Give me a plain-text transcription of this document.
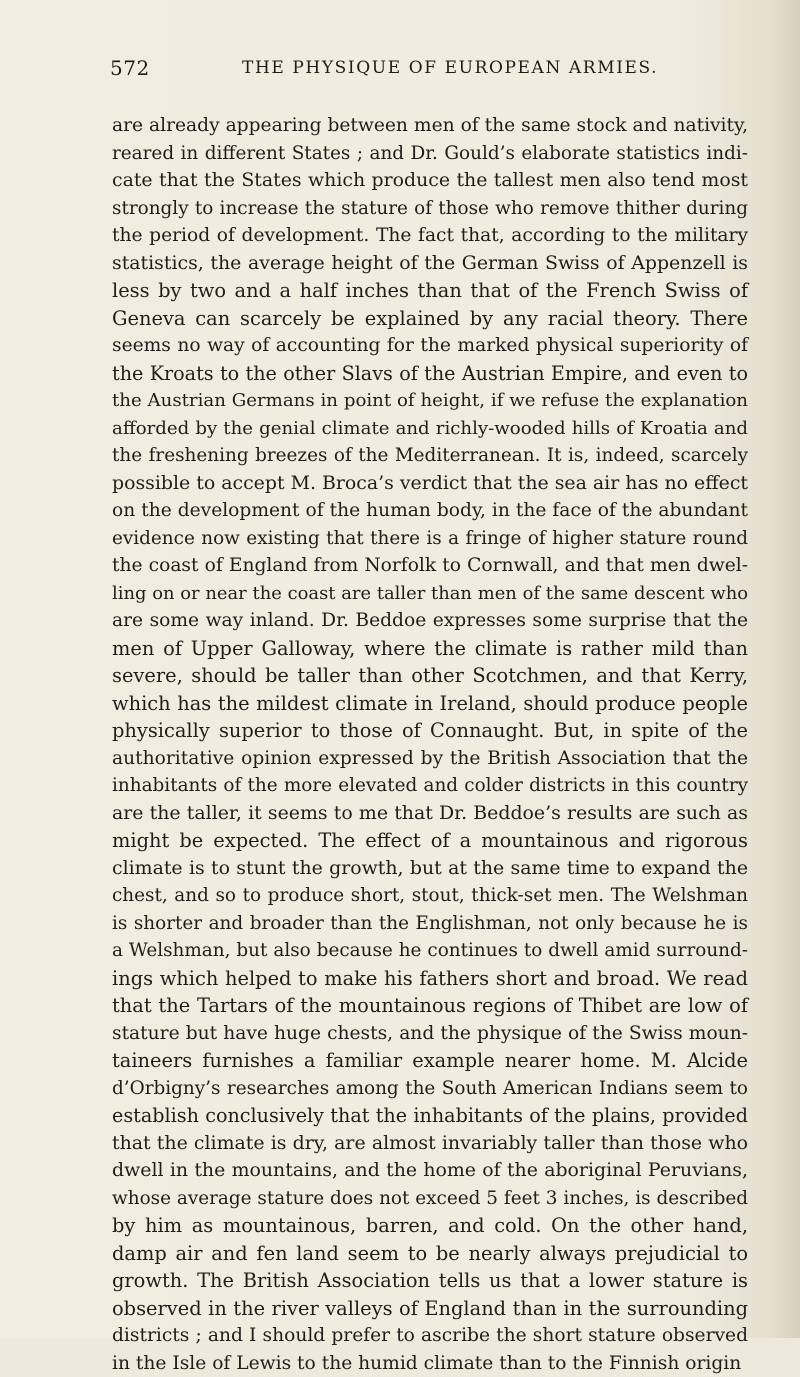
572	THE PHYSIQUE OF EUROPEAN ARMIES.
are already appearing between men of the same stock and nativity,
reared in different States ; and Dr. Gould’s elaborate statistics indi-
cate that the States which produce the tallest men also tend most
strongly to increase the stature of those who remove thither during
the period of development. The fact that, according to the military
statistics, the average height of the German Swiss of Appenzell is
less by two and a half inches than that of the French Swiss of
Geneva can scarcely be explained by any racial theory. There
seems no way of accounting for the marked physical superiority of
the Kroats to the other Slavs of the Austrian Empire, and even to
the Austrian Germans in point of height, if we refuse the explanation
afforded by the genial climate and richly-wooded hills of Kroatia and
the freshening breezes of the Mediterranean. It is, indeed, scarcely
possible to accept M. Broca’s verdict that the sea air has no effect
on the development of the human body, in the face of the abundant
evidence now existing that there is a fringe of higher stature round
the coast of England from Norfolk to Cornwall, and that men dwel-
ling on or near the coast are taller than men of the same descent who
are some way inland. Dr. Beddoe expresses some surprise that the
men of Upper Galloway, where the climate is rather mild than
severe, should be taller than other Scotchmen, and that Kerry,
which has the mildest climate in Ireland, should produce people
physically superior to those of Connaught. But, in spite of the
authoritative opinion expressed by the British Association that the
inhabitants of the more elevated and colder districts in this country
are the taller, it seems to me that Dr. Beddoe’s results are such as
might be expected. The effect of a mountainous and rigorous
climate is to stunt the growth, but at the same time to expand the
chest, and so to produce short, stout, thick-set men. The Welshman
is shorter and broader than the Englishman, not only because he is
a Welshman, but also because he continues to dwell amid surround-
ings which helped to make his fathers short and broad. We read
that the Tartars of the mountainous regions of Thibet are low of
stature but have huge chests, and the physique of the Swiss moun-
taineers furnishes a familiar example nearer home. M. Alcide
d’Orbigny’s researches among the South American Indians seem to
establish conclusively that the inhabitants of the plains, provided
that the climate is dry, are almost invariably taller than those who
dwell in the mountains, and the home of the aboriginal Peruvians,
whose average stature does not exceed 5 feet 3 inches, is described
by him as mountainous, barren, and cold. On the other hand,
damp air and fen land seem to be nearly always prejudicial to
growth. The British Association tells us that a lower stature is
observed in the river valleys of England than in the surrounding
districts ; and I should prefer to ascribe the short stature observed
in the Isle of Lewis to the humid climate than to the Finnish origin
